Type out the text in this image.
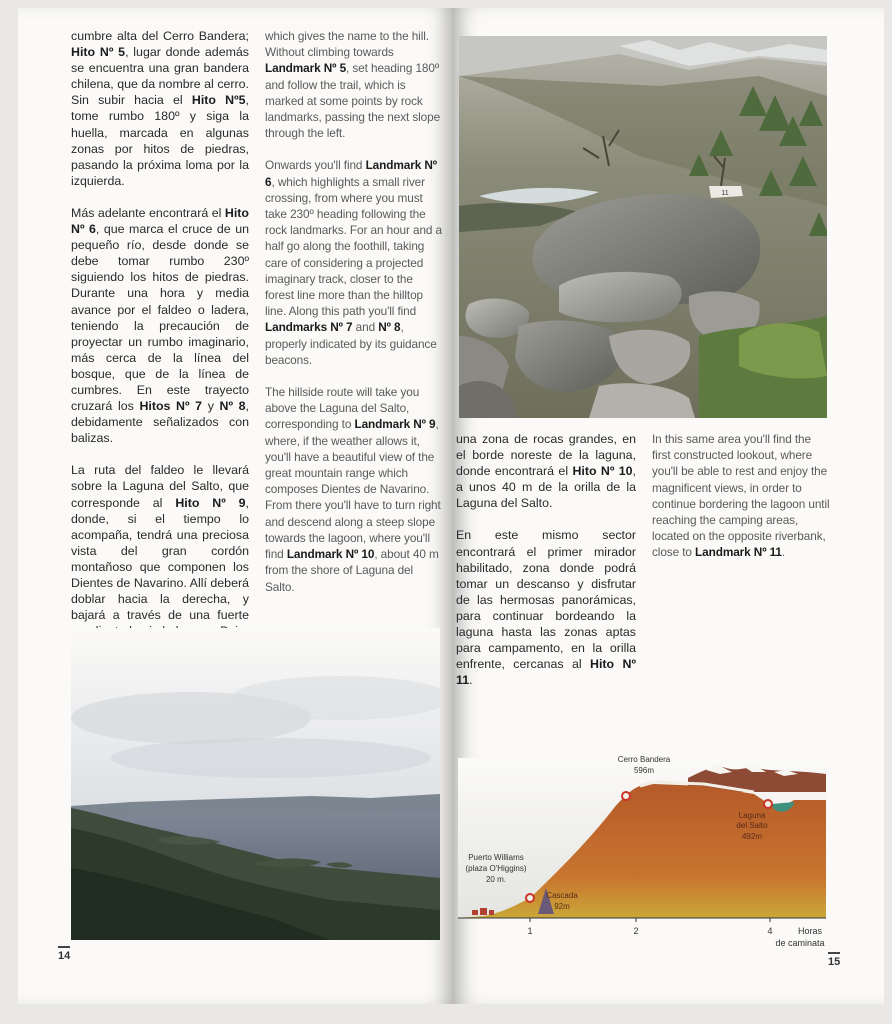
cumbre alta del Cerro Bandera; Hito Nº 5, lugar donde además se encuentra una gran bandera chilena, que da nombre al cerro. Sin subir hacia el Hito Nº5, tome rumbo 180º y siga la huella, marcada en algunas zonas por hitos de piedras, pasando la próxima loma por la izquierda.

Más adelante encontrará el Hito Nº 6, que marca el cruce de un pequeño río, desde donde se debe tomar rumbo 230º siguiendo los hitos de piedras. Durante una hora y media avance por el faldeo o ladera, teniendo la precaución de proyectar un rumbo imaginario, más cerca de la línea del bosque, que de la línea de cumbres. En este trayecto cruzará los Hitos Nº 7 y Nº 8, debidamente señalizados con balizas.

La ruta del faldeo le llevará sobre la Laguna del Salto, que corresponde al Hito Nº 9, donde, si el tiempo lo acompaña, tendrá una preciosa vista del gran cordón montañoso que componen los Dientes de Navarino. Allí deberá doblar hacia la derecha, y bajará a través de una fuerte

which gives the name to the hill. Without climbing towards Landmark Nº 5, set heading 180º and follow the trail, which is marked at some points by rock landmarks, passing the next slope through the left.

Onwards you'll find Landmark Nº 6, which highlights a small river crossing, from where you must take 230º heading following the rock landmarks. For an hour and a half go along the foothill, taking care of considering a projected imaginary track, closer to the forest line more than the hilltop line. Along this path you'll find Landmarks Nº 7 and Nº 8, properly indicated by its guidance beacons.

The hillside route will take you above the Laguna del Salto, corresponding to Landmark Nº 9, where, if the weather allows it, you'll have a beautiful view of the great mountain range which composes Dientes de Navarino. From there you'll have to turn right and descend along a steep slope towards the lagoon, where you'll find Landmark Nº 10, about 40 m from the shore of Laguna del Salto.

14
11

una zona de rocas grandes, en el borde noreste de la laguna, donde encontrará el Hito Nº 10, a unos 40 m de la orilla de la Laguna del Salto.

En este mismo sector encontrará el primer mirador habilitado, zona donde podrá tomar un descanso y disfrutar de las hermosas panorámicas, para continuar bordeando la laguna hasta las zonas aptas para campamento, en la orilla enfrente, cercanas al Hito Nº 11.

In this same area you'll find the first constructed lookout, where you'll be able to rest and enjoy the magnificent views, in order to continue bordering the lagoon until reaching the camping areas, located on the opposite riverbank, close to Landmark Nº 11.

1	2	4	Horas
de caminata
Cerro Bandera
596m
Laguna
del Salto
492m
Puerto Williams
(plaza O'Higgins)
20 m.
Cascada
92m
15
